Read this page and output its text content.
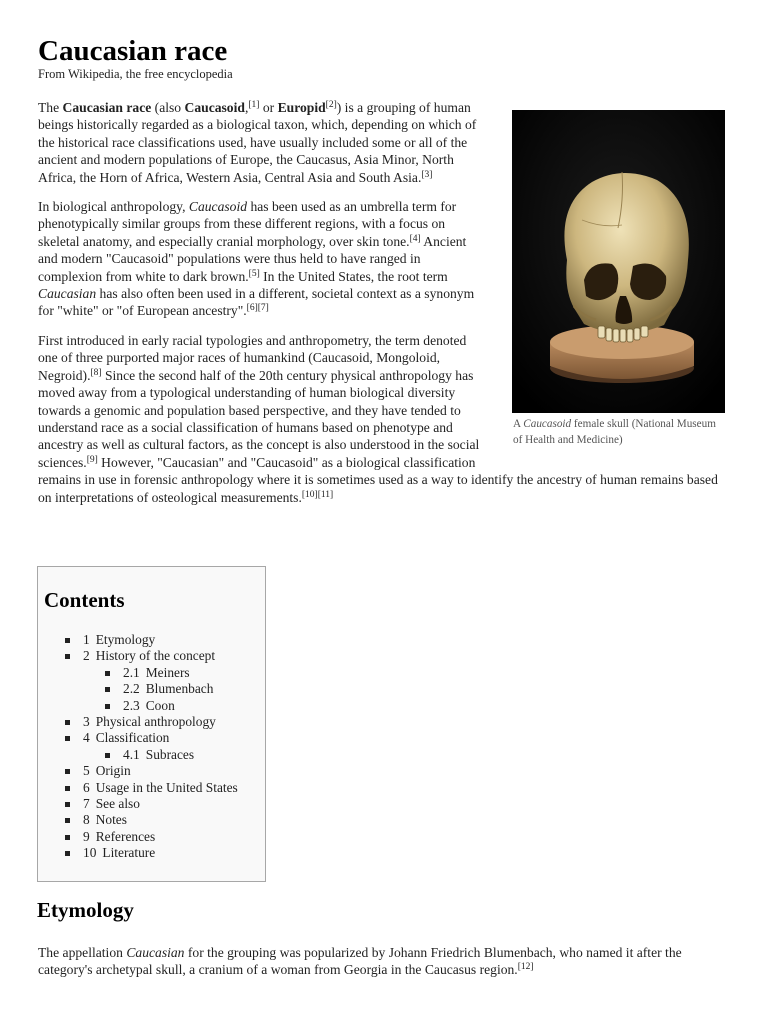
Caucasian race
From Wikipedia, the free encyclopedia
A Caucasoid female skull (National Museum of Health and Medicine)

The Caucasian race (also Caucasoid,[1] or Europid[2]) is a grouping of human beings historically regarded as a biological taxon, which, depending on which of the historical race classifications used, have usually included some or all of the ancient and modern populations of Europe, the Caucasus, Asia Minor, North Africa, the Horn of Africa, Western Asia, Central Asia and South Asia.[3]

In biological anthropology, Caucasoid has been used as an umbrella term for phenotypically similar groups from these different regions, with a focus on skeletal anatomy, and especially cranial morphology, over skin tone.[4] Ancient and modern "Caucasoid" populations were thus held to have ranged in complexion from white to dark brown.[5] In the United States, the root term Caucasian has also often been used in a different, societal context as a synonym for "white" or "of European ancestry".[6][7]

First introduced in early racial typologies and anthropometry, the term denoted one of three purported major races of humankind (Caucasoid, Mongoloid, Negroid).[8] Since the second half of the 20th century physical anthropology has moved away from a typological understanding of human biological diversity towards a genomic and population based perspective, and they have tended to understand race as a social classification of humans based on phenotype and ancestry as well as cultural factors, as the concept is also understood in the social sciences.[9] However, "Caucasian" and "Caucasoid" as a biological classification remains in use in forensic anthropology where it is sometimes used as a way to identify the ancestry of human remains based on interpretations of osteological measurements.[10][11]

Contents
1 Etymology
2 History of the concept
2.1 Meiners
2.2 Blumenbach
2.3 Coon
3 Physical anthropology
4 Classification
4.1 Subraces
5 Origin
6 Usage in the United States
7 See also
8 Notes
9 References
10 Literature
Etymology

The appellation Caucasian for the grouping was popularized by Johann Friedrich Blumenbach, who named it after the category's archetypal skull, a cranium of a woman from Georgia in the Caucasus region.[12]
